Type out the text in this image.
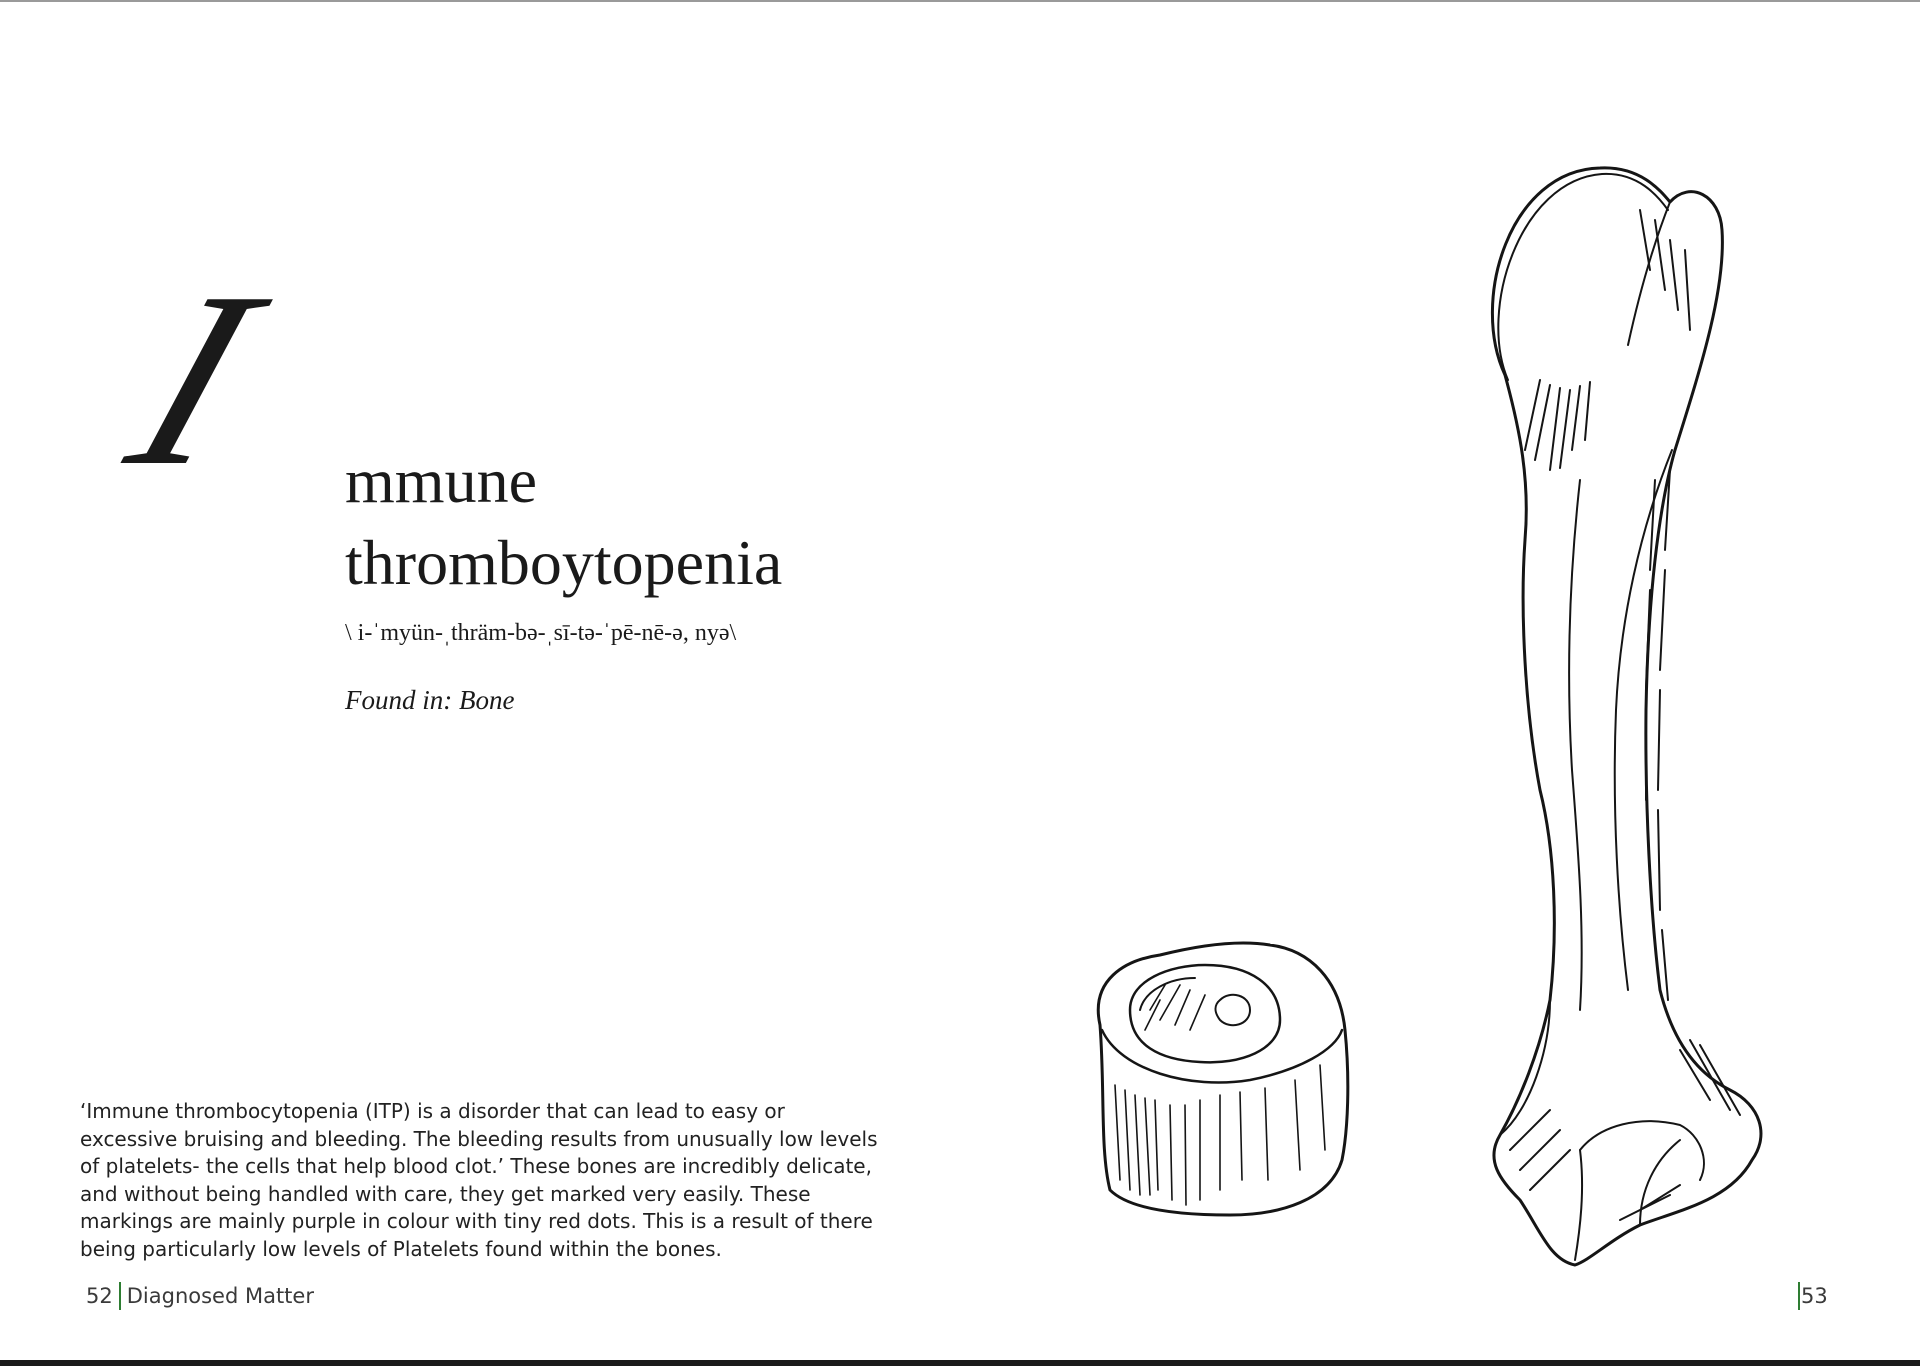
I mmune
thromboytopenia
\ i-ˈmyün-ˌthräm-bə-ˌsī-tə-ˈpē-nē-ə, nyə\
Found in: Bone
‘Immune thrombocytopenia (ITP) is a disorder that can lead to easy or excessive bruising and bleeding. The bleeding results from unusually low levels of platelets- the cells that help blood clot.’ These bones are incredibly delicate, and without being handled with care, they get marked very easily. These markings are mainly purple in colour with tiny red dots. This is a result of there being particularly low levels of Platelets found within the bones.
52 Diagnosed Matter	53
